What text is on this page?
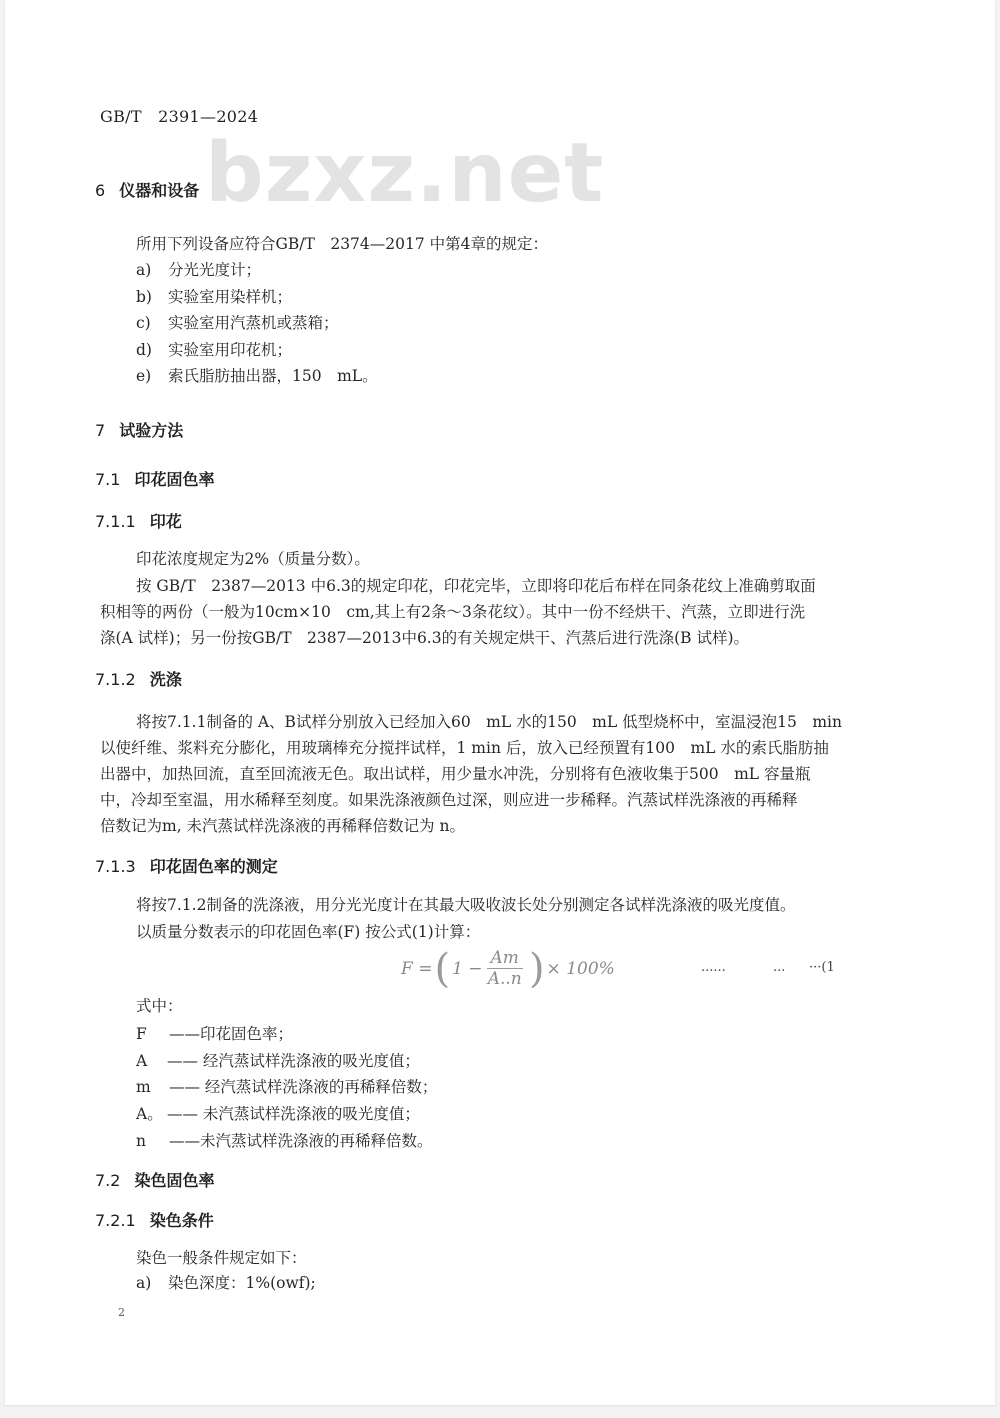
GB/T　2391—2024
bzxz.net
6 仪器和设备
所用下列设备应符合GB/T　2374—2017 中第4章的规定：
a) 分光光度计；
b) 实验室用染样机；
c) 实验室用汽蒸机或蒸箱；
d) 实验室用印花机；
e) 索氏脂肪抽出器，150　mL。
7 试验方法
7.1 印花固色率
7.1.1 印花
印花浓度规定为2%（质量分数）。
按 GB/T　2387—2013 中6.3的规定印花，印花完毕，立即将印花后布样在同条花纹上准确剪取面
积相等的两份（一般为10cm×10　cm,其上有2条～3条花纹）。其中一份不经烘干、汽蒸，立即进行洗
涤(A 试样)；另一份按GB/T　2387—2013中6.3的有关规定烘干、汽蒸后进行洗涤(B 试样)。
7.1.2 洗涤
将按7.1.1制备的 A、B试样分别放入已经加入60　mL 水的150　mL 低型烧杯中，室温浸泡15　min
以使纤维、浆料充分膨化，用玻璃棒充分搅拌试样，1 min 后，放入已经预置有100　mL 水的索氏脂肪抽
出器中，加热回流，直至回流液无色。取出试样，用少量水冲洗，分别将有色液收集于500　mL 容量瓶
中，冷却至室温，用水稀释至刻度。如果洗涤液颜色过深，则应进一步稀释。汽蒸试样洗涤液的再稀释
倍数记为m, 未汽蒸试样洗涤液的再稀释倍数记为 n。
7.1.3 印花固色率的测定
将按7.1.2制备的洗涤液，用分光光度计在其最大吸收波长处分别测定各试样洗涤液的吸光度值。
以质量分数表示的印花固色率(F) 按公式(1)计算：
F = ( $1 - \frac{Am}{A..n}$ ) × 100%	......	... ···(1
式中：
F ——印花固色率；
A —— 经汽蒸试样洗涤液的吸光度值；
m —— 经汽蒸试样洗涤液的再稀释倍数；
A。 —— 未汽蒸试样洗涤液的吸光度值；
n ——未汽蒸试样洗涤液的再稀释倍数。
7.2 染色固色率
7.2.1 染色条件
染色一般条件规定如下：
a) 染色深度：1%(owf);
2
